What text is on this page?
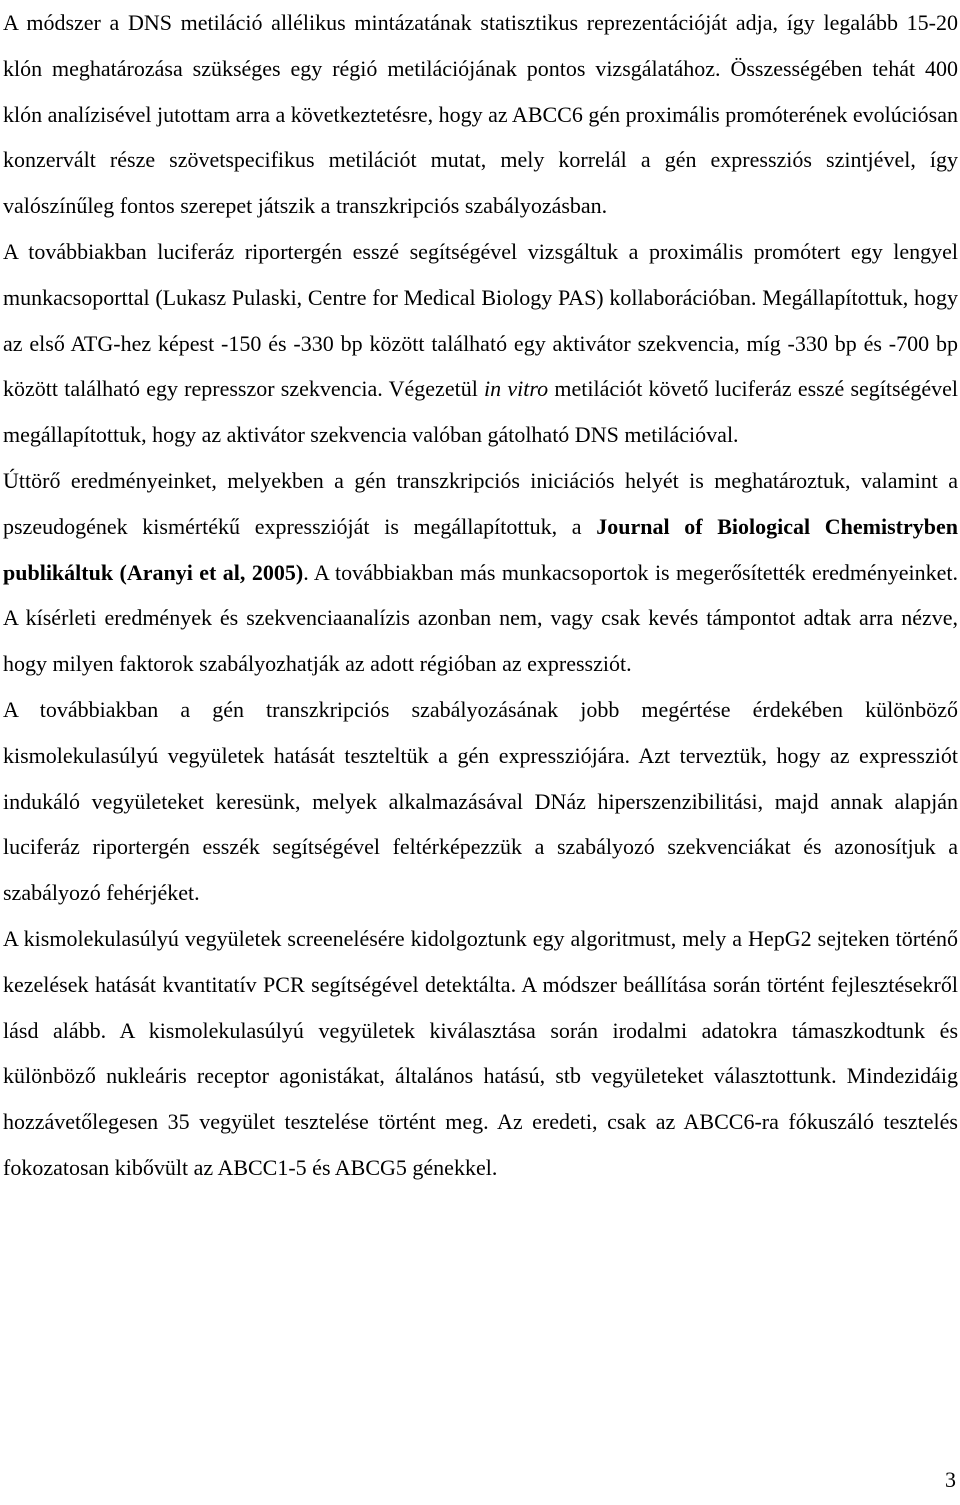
A módszer a DNS metiláció allélikus mintázatának statisztikus reprezentációját adja, így legalább 15-20 klón meghatározása szükséges egy régió metilációjának pontos vizsgálatához. Összességében tehát 400 klón analízisével jutottam arra a következtetésre, hogy az ABCC6 gén proximális promóterének evolúciósan konzervált része szövetspecifikus metilációt mutat, mely korrelál a gén expressziós szintjével, így valószínűleg fontos szerepet játszik a transzkripciós szabályozásban.

A továbbiakban luciferáz riportergén esszé segítségével vizsgáltuk a proximális promótert egy lengyel munkacsoporttal (Lukasz Pulaski, Centre for Medical Biology PAS) kollaborációban. Megállapítottuk, hogy az első ATG-hez képest -150 és -330 bp között található egy aktivátor szekvencia, míg -330 bp és -700 bp között található egy represszor szekvencia. Végezetül in vitro metilációt követő luciferáz esszé segítségével megállapítottuk, hogy az aktivátor szekvencia valóban gátolható DNS metilációval.

Úttörő eredményeinket, melyekben a gén transzkripciós iniciációs helyét is meghatároztuk, valamint a pszeudogének kismértékű expresszióját is megállapítottuk, a Journal of Biological Chemistryben publikáltuk (Aranyi et al, 2005). A továbbiakban más munkacsoportok is megerősítették eredményeinket. A kísérleti eredmények és szekvenciaanalízis azonban nem, vagy csak kevés támpontot adtak arra nézve, hogy milyen faktorok szabályozhatják az adott régióban az expressziót.

A továbbiakban a gén transzkripciós szabályozásának jobb megértése érdekében különböző kismolekulasúlyú vegyületek hatását teszteltük a gén expressziójára. Azt terveztük, hogy az expressziót indukáló vegyületeket keresünk, melyek alkalmazásával DNáz hiperszenzibilitási, majd annak alapján luciferáz riportergén esszék segítségével feltérképezzük a szabályozó szekvenciákat és azonosítjuk a szabályozó fehérjéket.

A kismolekulasúlyú vegyületek screenelésére kidolgoztunk egy algoritmust, mely a HepG2 sejteken történő kezelések hatását kvantitatív PCR segítségével detektálta. A módszer beállítása során történt fejlesztésekről lásd alább. A kismolekulasúlyú vegyületek kiválasztása során irodalmi adatokra támaszkodtunk és különböző nukleáris receptor agonistákat, általános hatású, stb vegyületeket választottunk. Mindezidáig hozzávetőlegesen 35 vegyület tesztelése történt meg. Az eredeti, csak az ABCC6-ra fókuszáló tesztelés fokozatosan kibővült az ABCC1-5 és ABCG5 génekkel.

3
